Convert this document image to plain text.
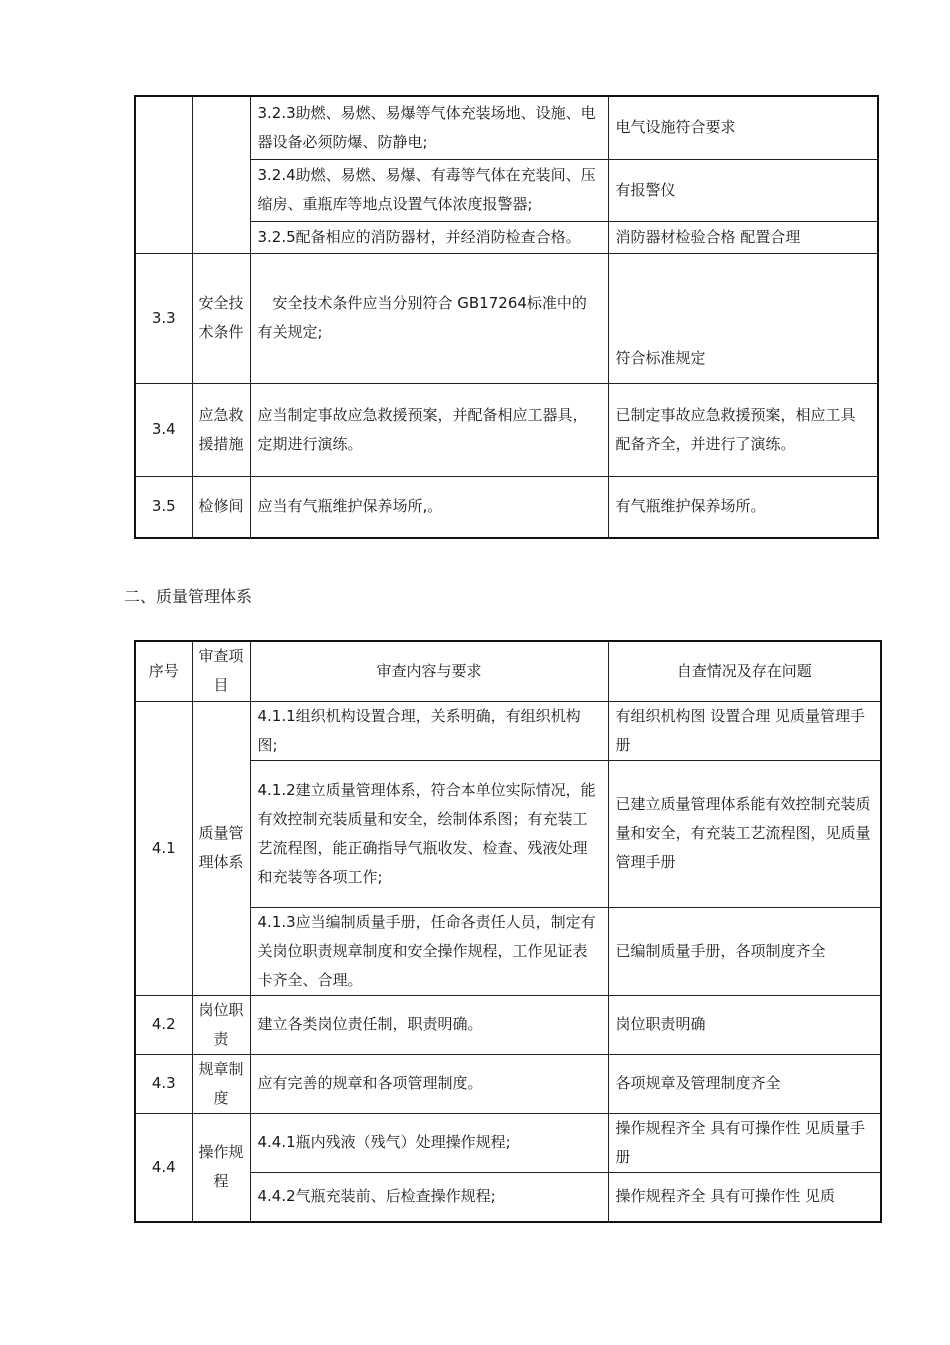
		3.2.3助燃、易燃、易爆等气体充装场地、设施、电器设备必须防爆、防静电;	电气设施符合要求
		3.2.4助燃、易燃、易爆、有毒等气体在充装间、压缩房、重瓶库等地点设置气体浓度报警器;	有报警仪
		3.2.5配备相应的消防器材，并经消防检查合格。	消防器材检验合格 配置合理
3.3	安全技术条件	安全技术条件应当分别符合 GB17264标准中的有关规定;	符合标准规定
3.4	应急救援措施	应当制定事故应急救援预案，并配备相应工器具，定期进行演练。	已制定事故应急救援预案，相应工具配备齐全，并进行了演练。
3.5	检修间	应当有气瓶维护保养场所,。	有气瓶维护保养场所。
二、质量管理体系
序号	审查项目	审查内容与要求	自查情况及存在问题
4.1	质量管理体系	4.1.1组织机构设置合理，关系明确，有组织机构图;	有组织机构图 设置合理 见质量管理手册
		4.1.2建立质量管理体系，符合本单位实际情况，能有效控制充装质量和安全，绘制体系图；有充装工艺流程图，能正确指导气瓶收发、检查、残液处理和充装等各项工作;	已建立质量管理体系能有效控制充装质量和安全，有充装工艺流程图，见质量管理手册
		4.1.3应当编制质量手册，任命各责任人员，制定有关岗位职责规章制度和安全操作规程，工作见证表卡齐全、合理。	已编制质量手册，各项制度齐全
4.2	岗位职责	建立各类岗位责任制，职责明确。	岗位职责明确
4.3	规章制度	应有完善的规章和各项管理制度。	各项规章及管理制度齐全
4.4	操作规程	4.4.1瓶内残液（残气）处理操作规程;	操作规程齐全 具有可操作性 见质量手册
		4.4.2气瓶充装前、后检查操作规程;	操作规程齐全 具有可操作性 见质
